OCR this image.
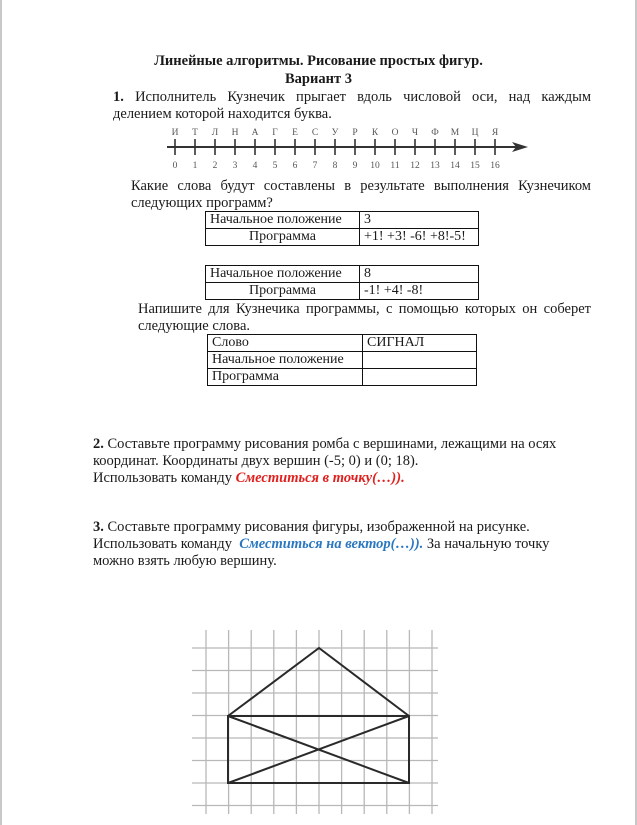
Линейные алгоритмы. Рисование простых фигур.
Вариант 3
1. Исполнитель Кузнечик прыгает вдоль числовой оси, над каждым делением которой находится буква.
И Т Л Н А Г Е С У Р К О Ч Ф М Ц Я
0 1 2 3 4 5 6 7 8 9 10 11 12 13 14 15 16
Какие слова будут составлены в результате выполнения Кузнечиком следующих программ?
Начальное положение	3
Программа	+1! +3! -6! +8!-5!
Начальное положение	8
Программа	-1! +4! -8!
Напишите для Кузнечика программы, с помощью которых он соберет следующие слова.
Слово	СИГНАЛ
Начальное положение	
Программа	
2. Составьте программу рисования ромба с вершинами, лежащими на осях
координат. Координаты двух вершин (-5; 0) и (0; 18).
Использовать команду Сместиться в точку(…)).
3. Составьте программу рисования фигуры, изображенной на рисунке.
Использовать команду  Сместиться на вектор(…)). За начальную точку
можно взять любую вершину.
